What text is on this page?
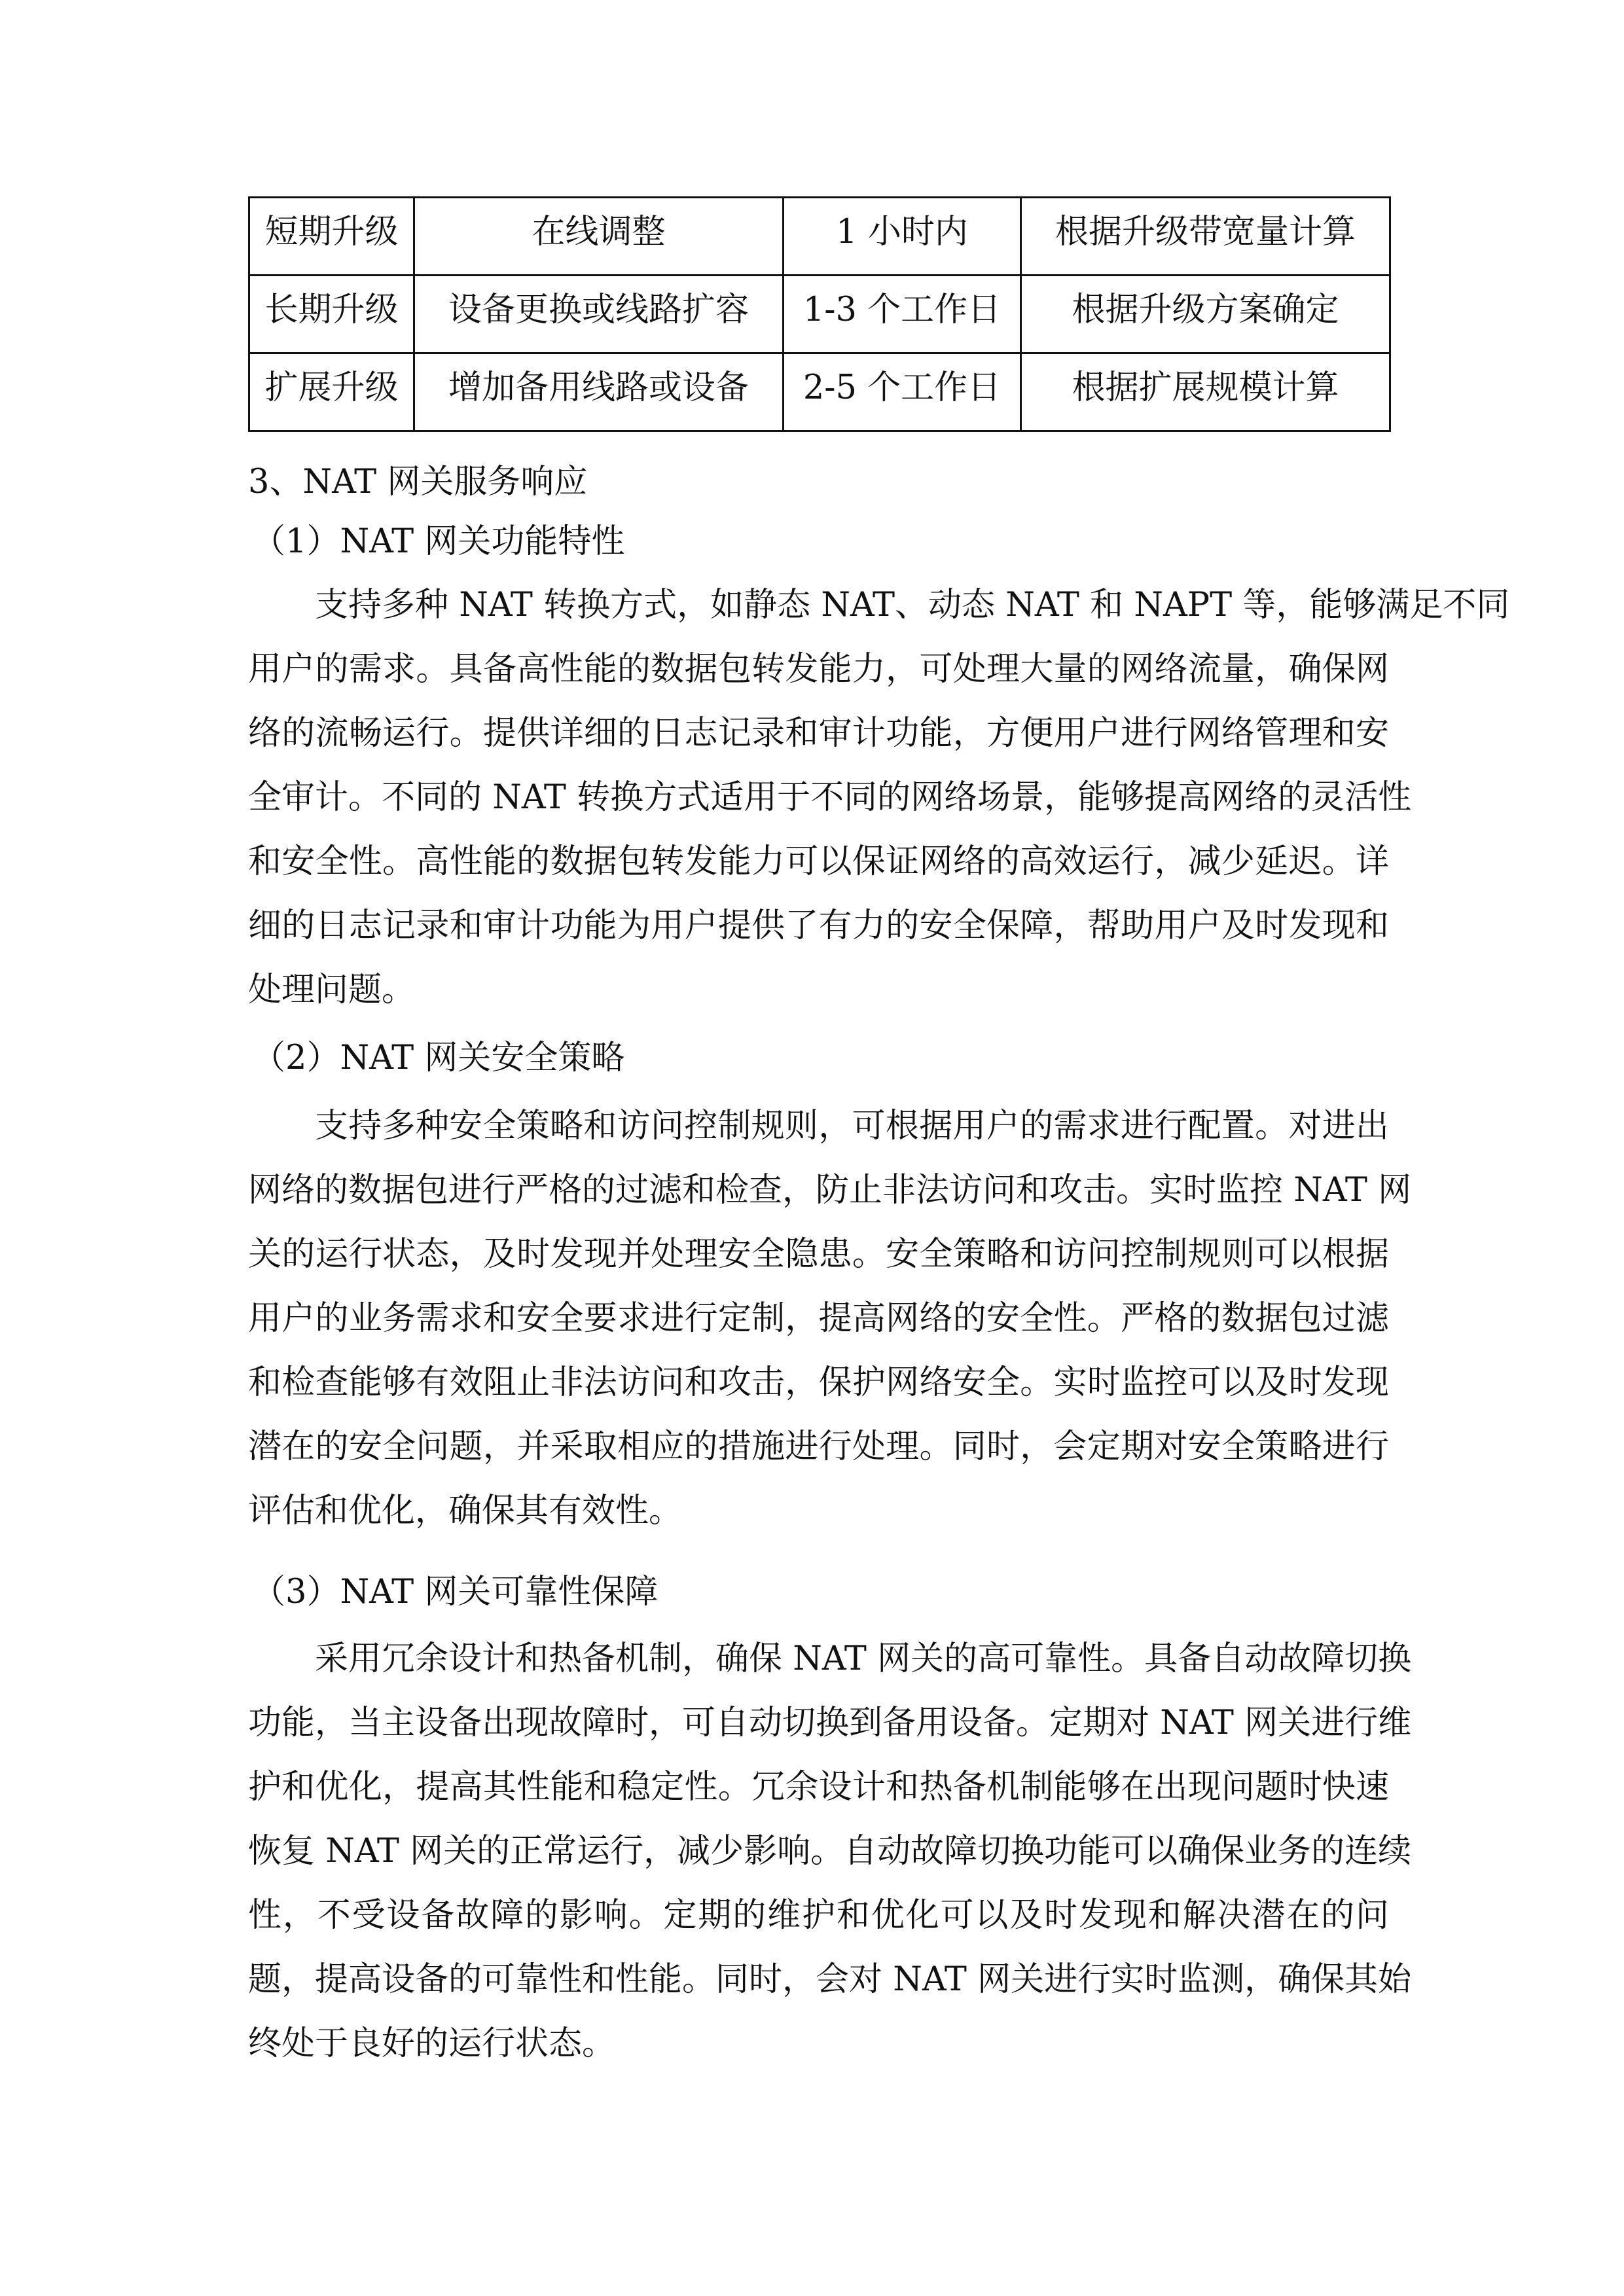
短期升级	在线调整	1 小时内	根据升级带宽量计算
长期升级	设备更换或线路扩容	1-3 个工作日	根据升级方案确定
扩展升级	增加备用线路或设备	2-5 个工作日	根据扩展规模计算
3、NAT 网关服务响应
（1）NAT 网关功能特性
支持多种 NAT 转换方式，如静态 NAT、动态 NAT 和 NAPT 等，能够满足不同
用户的需求。具备高性能的数据包转发能力，可处理大量的网络流量，确保网
络的流畅运行。提供详细的日志记录和审计功能，方便用户进行网络管理和安
全审计。不同的 NAT 转换方式适用于不同的网络场景，能够提高网络的灵活性
和安全性。高性能的数据包转发能力可以保证网络的高效运行，减少延迟。详
细的日志记录和审计功能为用户提供了有力的安全保障，帮助用户及时发现和
处理问题。
（2）NAT 网关安全策略
支持多种安全策略和访问控制规则，可根据用户的需求进行配置。对进出
网络的数据包进行严格的过滤和检查，防止非法访问和攻击。实时监控 NAT 网
关的运行状态，及时发现并处理安全隐患。安全策略和访问控制规则可以根据
用户的业务需求和安全要求进行定制，提高网络的安全性。严格的数据包过滤
和检查能够有效阻止非法访问和攻击，保护网络安全。实时监控可以及时发现
潜在的安全问题，并采取相应的措施进行处理。同时，会定期对安全策略进行
评估和优化，确保其有效性。
（3）NAT 网关可靠性保障
采用冗余设计和热备机制，确保 NAT 网关的高可靠性。具备自动故障切换
功能，当主设备出现故障时，可自动切换到备用设备。定期对 NAT 网关进行维
护和优化，提高其性能和稳定性。冗余设计和热备机制能够在出现问题时快速
恢复 NAT 网关的正常运行，减少影响。自动故障切换功能可以确保业务的连续
性，不受设备故障的影响。定期的维护和优化可以及时发现和解决潜在的问
题，提高设备的可靠性和性能。同时，会对 NAT 网关进行实时监测，确保其始
终处于良好的运行状态。
